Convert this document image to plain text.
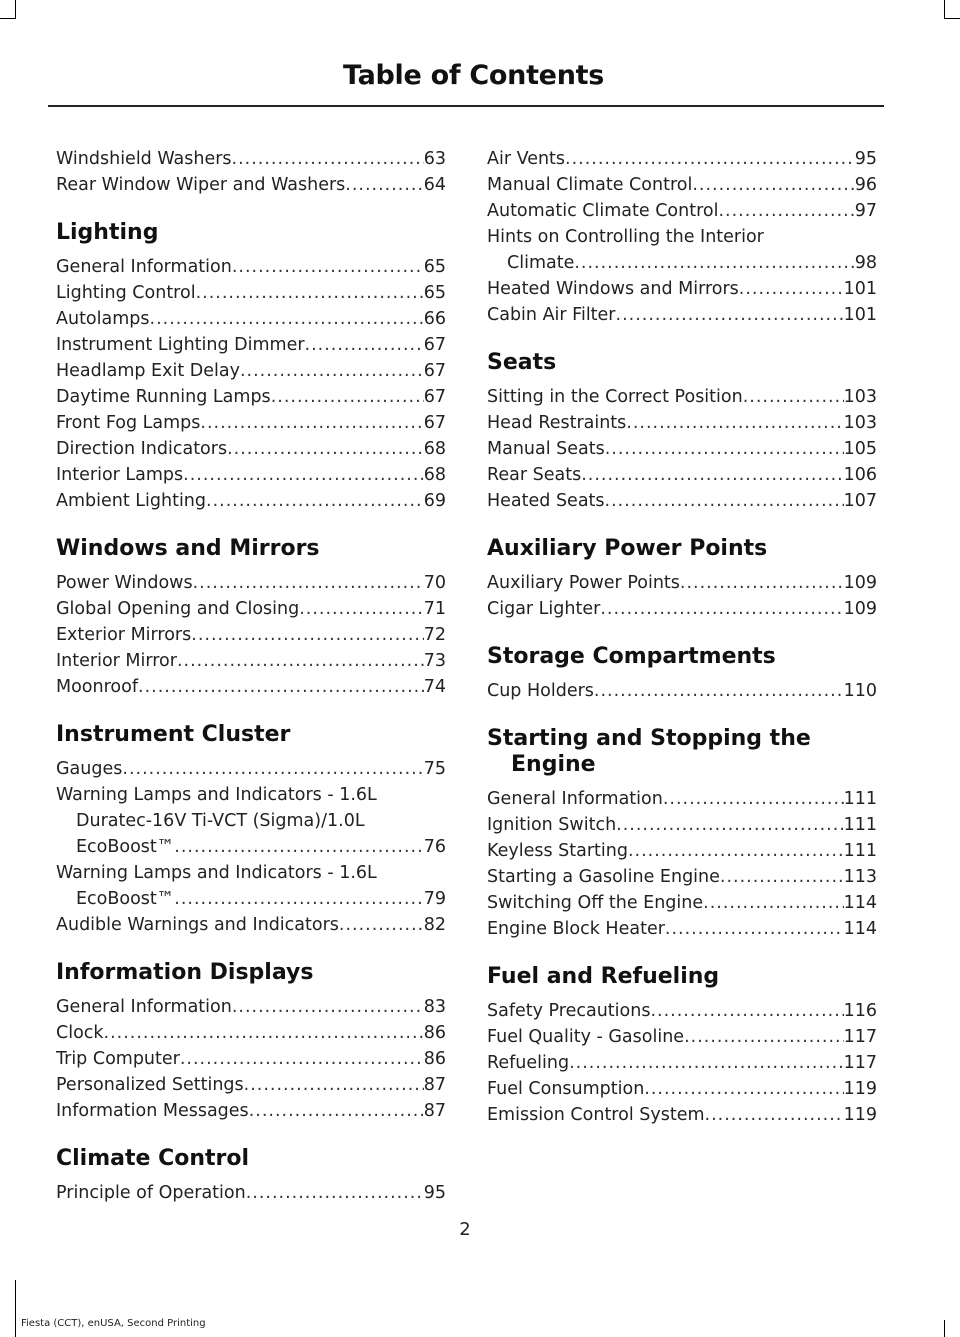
Table of Contents
Windshield Washers .....	63
Rear Window Wiper and Washers .....	64
Lighting
General Information .....	65
Lighting Control .....	65
Autolamps .....	66
Instrument Lighting Dimmer .....	67
Headlamp Exit Delay .....	67
Daytime Running Lamps .....	67
Front Fog Lamps .....	67
Direction Indicators .....	68
Interior Lamps .....	68
Ambient Lighting .....	69
Windows and Mirrors
Power Windows .....	70
Global Opening and Closing .....	71
Exterior Mirrors .....	72
Interior Mirror .....	73
Moonroof .....	74
Instrument Cluster
Gauges .....	75
Warning Lamps and Indicators - 1.6L
Duratec-16V Ti-VCT (Sigma)/1.0L
EcoBoost™ .....	76
Warning Lamps and Indicators - 1.6L
EcoBoost™ .....	79
Audible Warnings and Indicators .....	82
Information Displays
General Information .....	83
Clock .....	86
Trip Computer .....	86
Personalized Settings .....	87
Information Messages .....	87
Climate Control
Principle of Operation .....	95
Air Vents .....	95
Manual Climate Control .....	96
Automatic Climate Control .....	97
Hints on Controlling the Interior
Climate .....	98
Heated Windows and Mirrors .....	101
Cabin Air Filter .....	101
Seats
Sitting in the Correct Position .....	103
Head Restraints .....	103
Manual Seats .....	105
Rear Seats .....	106
Heated Seats .....	107
Auxiliary Power Points
Auxiliary Power Points .....	109
Cigar Lighter .....	109
Storage Compartments
Cup Holders .....	110
Starting and Stopping the
Engine
General Information .....	111
Ignition Switch .....	111
Keyless Starting .....	111
Starting a Gasoline Engine .....	113
Switching Off the Engine .....	114
Engine Block Heater .....	114
Fuel and Refueling
Safety Precautions .....	116
Fuel Quality - Gasoline .....	117
Refueling .....	117
Fuel Consumption .....	119
Emission Control System .....	119
2
Fiesta (CCT), enUSA, Second Printing
